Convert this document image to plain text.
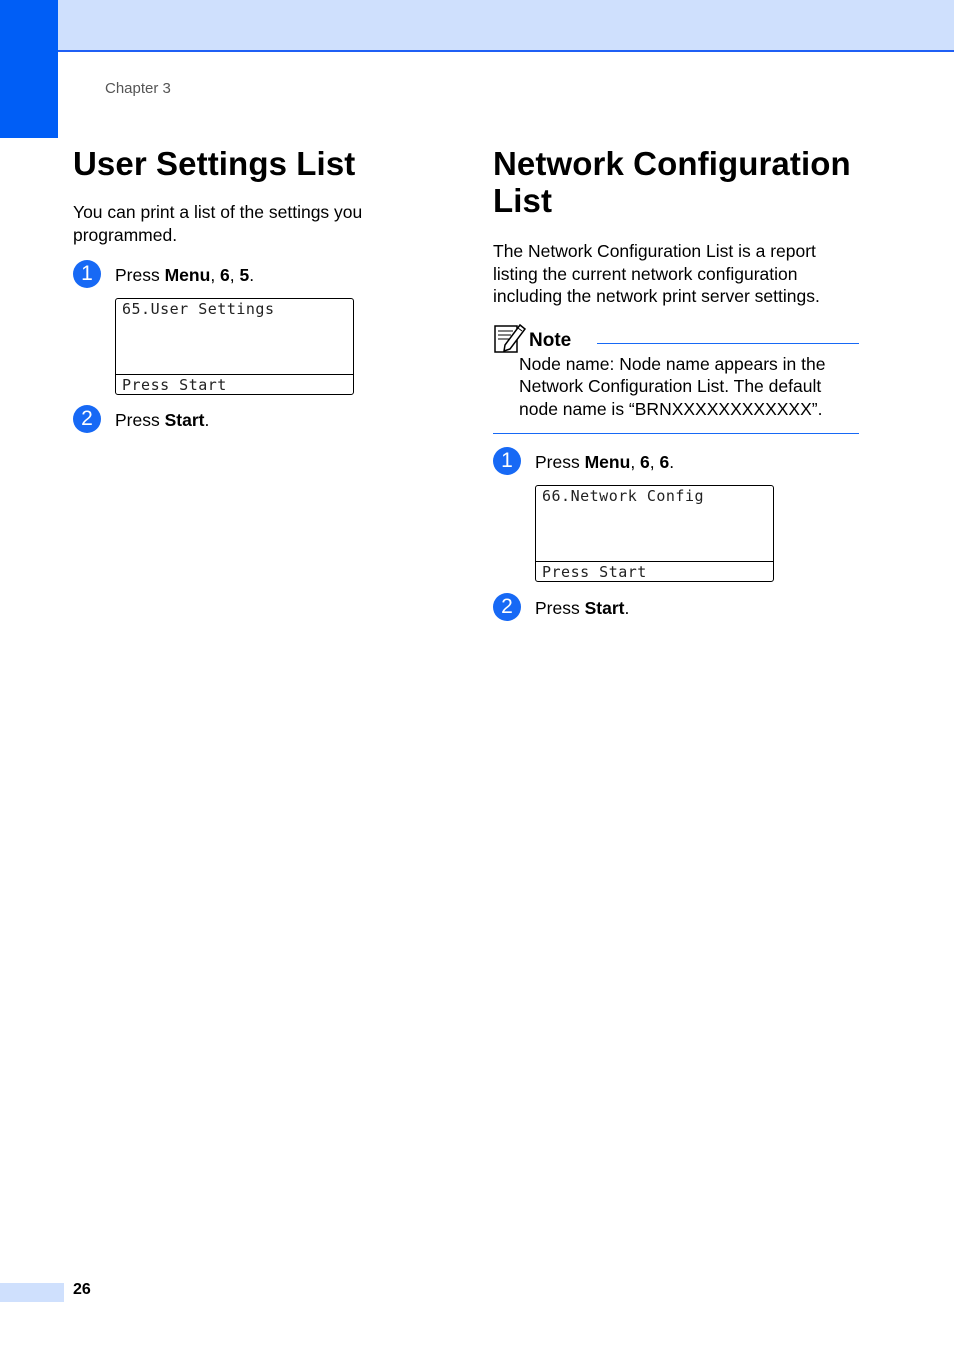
Chapter 3
User Settings List

You can print a list of the settings you programmed.

1	Press Menu, 6, 5.
65.User Settings
Press Start
2	Press Start.
Network Configuration
List

The Network Configuration List is a report listing the current network configuration including the network print server settings.

Note
Node name: Node name appears in the Network Configuration List. The default node name is “BRNXXXXXXXXXXXX”.
1	Press Menu, 6, 6.
66.Network Config
Press Start
2	Press Start.
26
